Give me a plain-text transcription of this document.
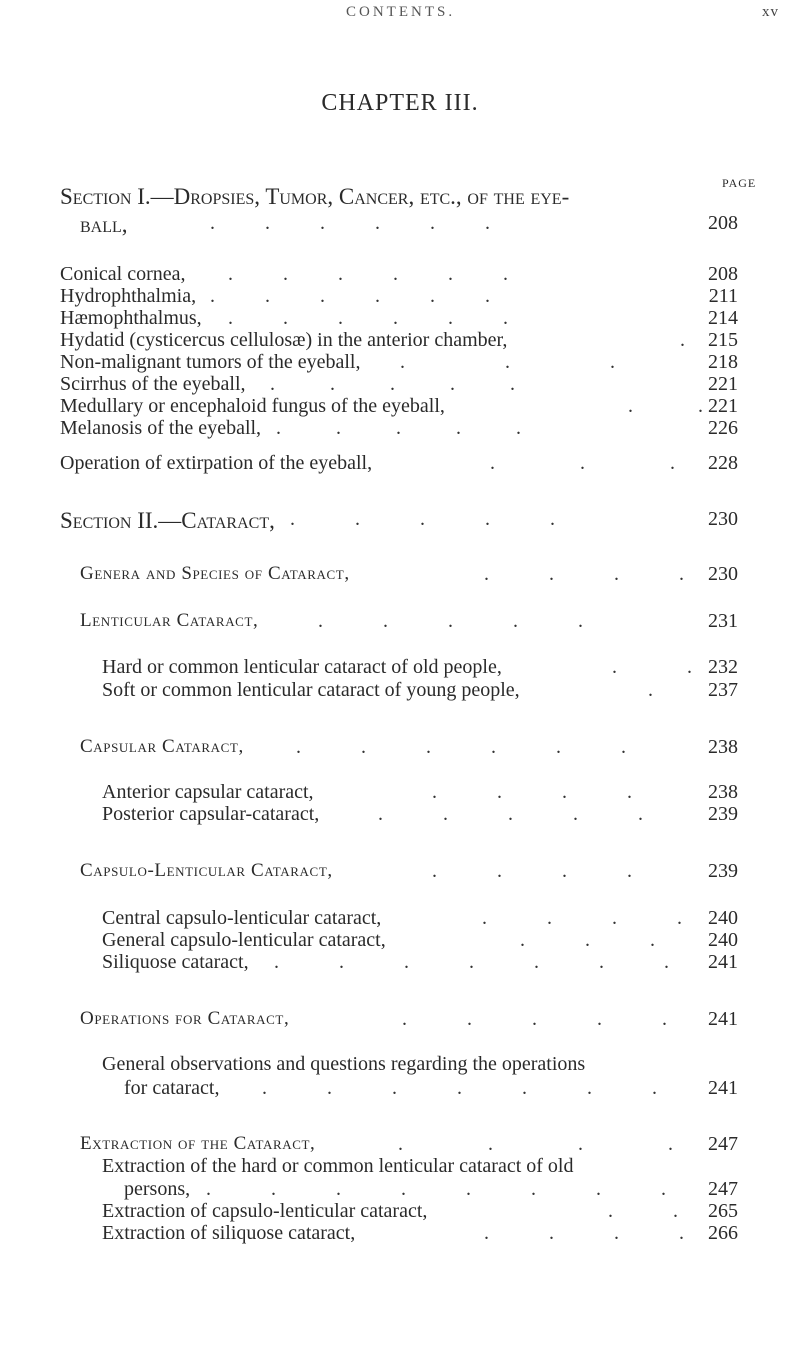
CONTENTS.	xv
CHAPTER III.
PAGE
Section I.—Dropsies, Tumor, Cancer, etc., of the eye-
ball,	.          .          .          .          .          .	208
Conical cornea, .          .          .          .          .          .	208
Hydrophthalmia, .          .          .          .          .          .	211
Hæmophthalmus, .          .          .          .          .          .	214
Hydatid (cysticercus cellulosæ) in the anterior chamber,	.	215
Non-malignant tumors of the eyeball, .                    .                    .	218
Scirrhus of the eyeball, .           .           .           .           .	221
Medullary or encephaloid fungus of the eyeball,	.             . 221
Melanosis of the eyeball, .           .           .           .           .	226
Operation of extirpation of the eyeball,	.                 .                 .	228
Section II.—Cataract, .            .            .            .            .	230
Genera and Species of Cataract,	.            .            .            .	230
Lenticular Cataract,	.            .            .            .            .	231
Hard or common lenticular cataract of old people,	.              . 232
Soft or common lenticular cataract of young people,	.	237
Capsular Cataract,	.            .            .            .            .            .	238
Anterior capsular cataract,	.            .            .            .	238
Posterior capsular-cataract,	.            .            .            .            .	239
Capsulo-Lenticular Cataract,	.            .            .            .	239
Central capsulo-lenticular cataract,	.            .            .            .	240
General capsulo-lenticular cataract,	.            .            .	240
Siliquose cataract, .            .            .            .            .            .            .	241
Operations for Cataract,	.            .            .            .            .	241
General observations and questions regarding the operations
for cataract, .            .            .            .            .            .            .	241
Extraction of the Cataract,	.                 .                 .                 .	247
Extraction of the hard or common lenticular cataract of old
persons, .            .            .            .            .            .            .            .	247
Extraction of capsulo-lenticular cataract,	.            .	265
Extraction of siliquose cataract,	.            .            .            .	266
